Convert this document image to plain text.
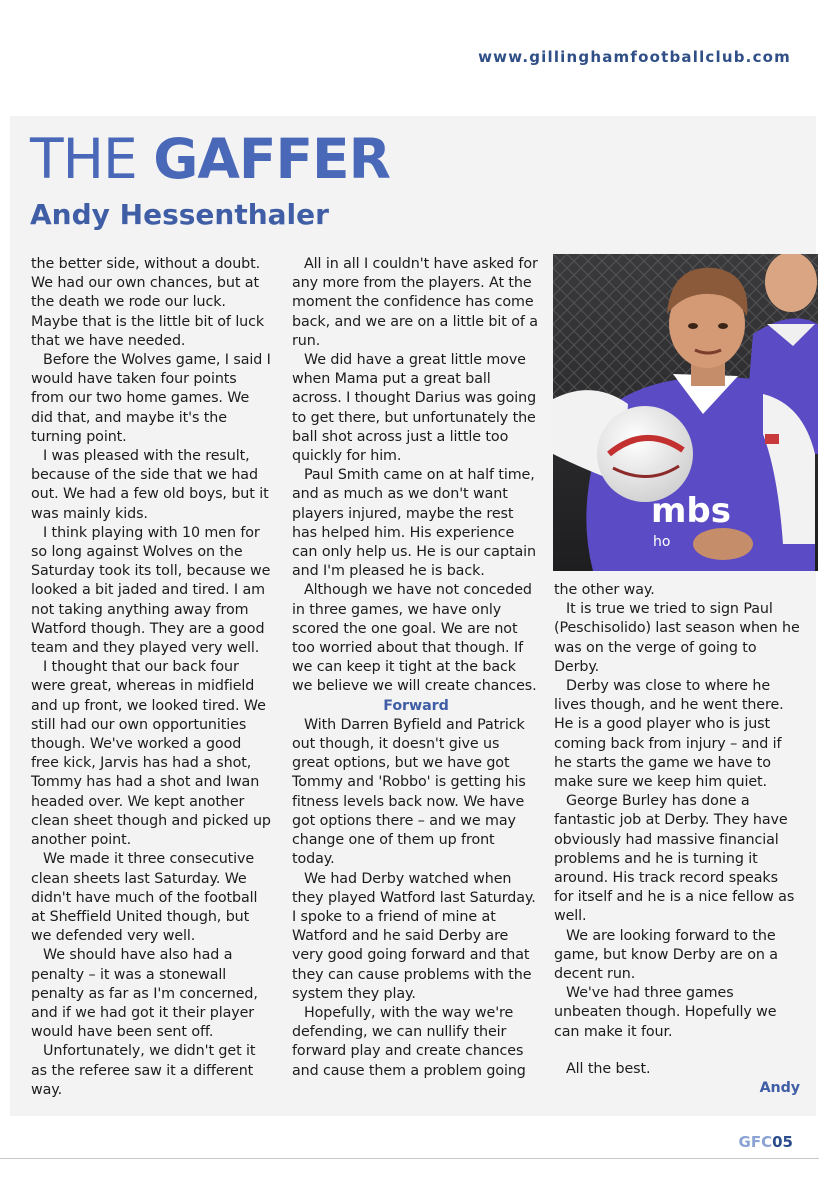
www.gillinghamfootballclub.com
THE GAFFER
Andy Hessenthaler

the better side, without a doubt. We had our own chances, but at the death we rode our luck. Maybe that is the little bit of luck that we have needed.

Before the Wolves game, I said I would have taken four points from our two home games. We did that, and maybe it's the turning point.

I was pleased with the result, because of the side that we had out. We had a few old boys, but it was mainly kids.

I think playing with 10 men for so long against Wolves on the Saturday took its toll, because we looked a bit jaded and tired. I am not taking anything away from Watford though. They are a good team and they played very well.

I thought that our back four were great, whereas in midfield and up front, we looked tired. We still had our own opportunities though. We've worked a good free kick, Jarvis has had a shot, Tommy has had a shot and Iwan headed over. We kept another clean sheet though and picked up another point.

We made it three consecutive clean sheets last Saturday. We didn't have much of the football at Sheffield United though, but we defended very well.

We should have also had a penalty – it was a stonewall penalty as far as I'm concerned, and if we had got it their player would have been sent off.

Unfortunately, we didn't get it as the referee saw it a different way.

All in all I couldn't have asked for any more from the players. At the moment the confidence has come back, and we are on a little bit of a run.

We did have a great little move when Mama put a great ball across. I thought Darius was going to get there, but unfortunately the ball shot across just a little too quickly for him.

Paul Smith came on at half time, and as much as we don't want players injured, maybe the rest has helped him. His experience can only help us. He is our captain and I'm pleased he is back.

Although we have not conceded in three games, we have only scored the one goal. We are not too worried about that though. If we can keep it tight at the back we believe we will create chances.

Forward

With Darren Byfield and Patrick out though, it doesn't give us great options, but we have got Tommy and 'Robbo' is getting his fitness levels back now. We have got options there – and we may change one of them up front today.

We had Derby watched when they played Watford last Saturday. I spoke to a friend of mine at Watford and he said Derby are very good going forward and that they can cause problems with the system they play.

Hopefully, with the way we're defending, we can nullify their forward play and create chances and cause them a problem going

mbs
ho

the other way.

It is true we tried to sign Paul (Peschisolido) last season when he was on the verge of going to Derby.

Derby was close to where he lives though, and he went there. He is a good player who is just coming back from injury – and if he starts the game we have to make sure we keep him quiet.

George Burley has done a fantastic job at Derby. They have obviously had massive financial problems and he is turning it around. His track record speaks for itself and he is a nice fellow as well.

We are looking forward to the game, but know Derby are on a decent run.

We've had three games unbeaten though. Hopefully we can make it four.

All the best.

Andy

GFC05
